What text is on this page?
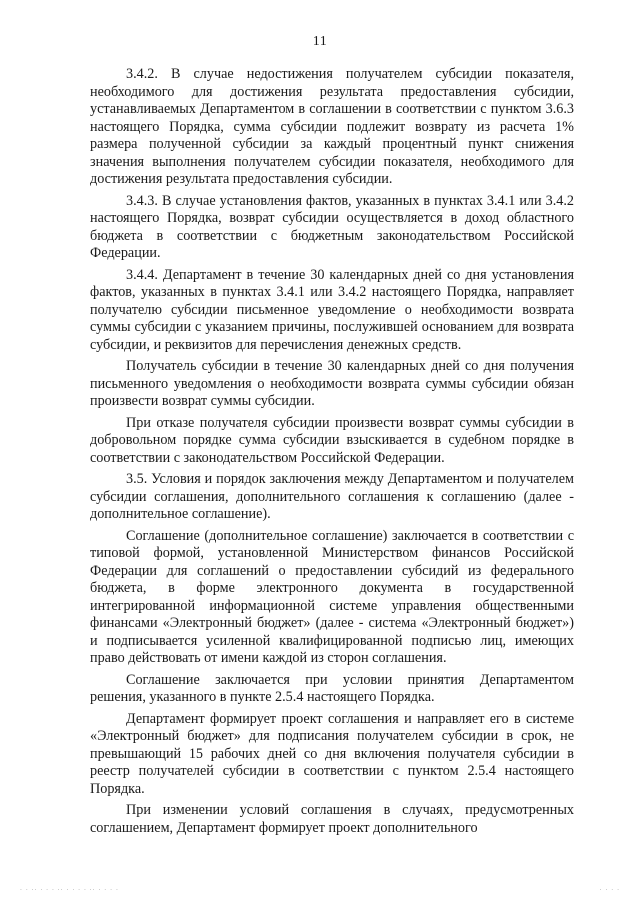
11

3.4.2. В случае недостижения получателем субсидии показателя, необходимого для достижения результата предоставления субсидии, устанавливаемых Департаментом в соглашении в соответствии с пунктом 3.6.3 настоящего Порядка, сумма субсидии подлежит возврату из расчета 1% размера полученной субсидии за каждый процентный пункт снижения значения выполнения получателем субсидии показателя, необходимого для достижения результата предоставления субсидии.

3.4.3. В случае установления фактов, указанных в пунктах 3.4.1 или 3.4.2 настоящего Порядка, возврат субсидии осуществляется в доход областного бюджета в соответствии с бюджетным законодательством Российской Федерации.

3.4.4. Департамент в течение 30 календарных дней со дня установления фактов, указанных в пунктах 3.4.1 или 3.4.2 настоящего Порядка, направляет получателю субсидии письменное уведомление о необходимости возврата суммы субсидии с указанием причины, послужившей основанием для возврата субсидии, и реквизитов для перечисления денежных средств.

Получатель субсидии в течение 30 календарных дней со дня получения письменного уведомления о необходимости возврата суммы субсидии обязан произвести возврат суммы субсидии.

При отказе получателя субсидии произвести возврат суммы субсидии в добровольном порядке сумма субсидии взыскивается в судебном порядке в соответствии с законодательством Российской Федерации.

3.5. Условия и порядок заключения между Департаментом и получателем субсидии соглашения, дополнительного соглашения к соглашению (далее - дополнительное соглашение).

Соглашение (дополнительное соглашение) заключается в соответствии с типовой формой, установленной Министерством финансов Российской Федерации для соглашений о предоставлении субсидий из федерального бюджета, в форме электронного документа в государственной интегрированной информационной системе управления общественными финансами «Электронный бюджет» (далее - система «Электронный бюджет») и подписывается усиленной квалифицированной подписью лиц, имеющих право действовать от имени каждой из сторон соглашения.

Соглашение заключается при условии принятия Департаментом решения, указанного в пункте 2.5.4 настоящего Порядка.

Департамент формирует проект соглашения и направляет его в системе «Электронный бюджет» для подписания получателем субсидии в срок, не превышающий 15 рабочих дней со дня включения получателя субсидии в реестр получателей субсидии в соответствии с пунктом 2.5.4 настоящего Порядка.

При изменении условий соглашения в случаях, предусмотренных соглашением, Департамент формирует проект дополнительного

· · ·· · · · ·· · · · · ·· · · · ·	· · · ·
